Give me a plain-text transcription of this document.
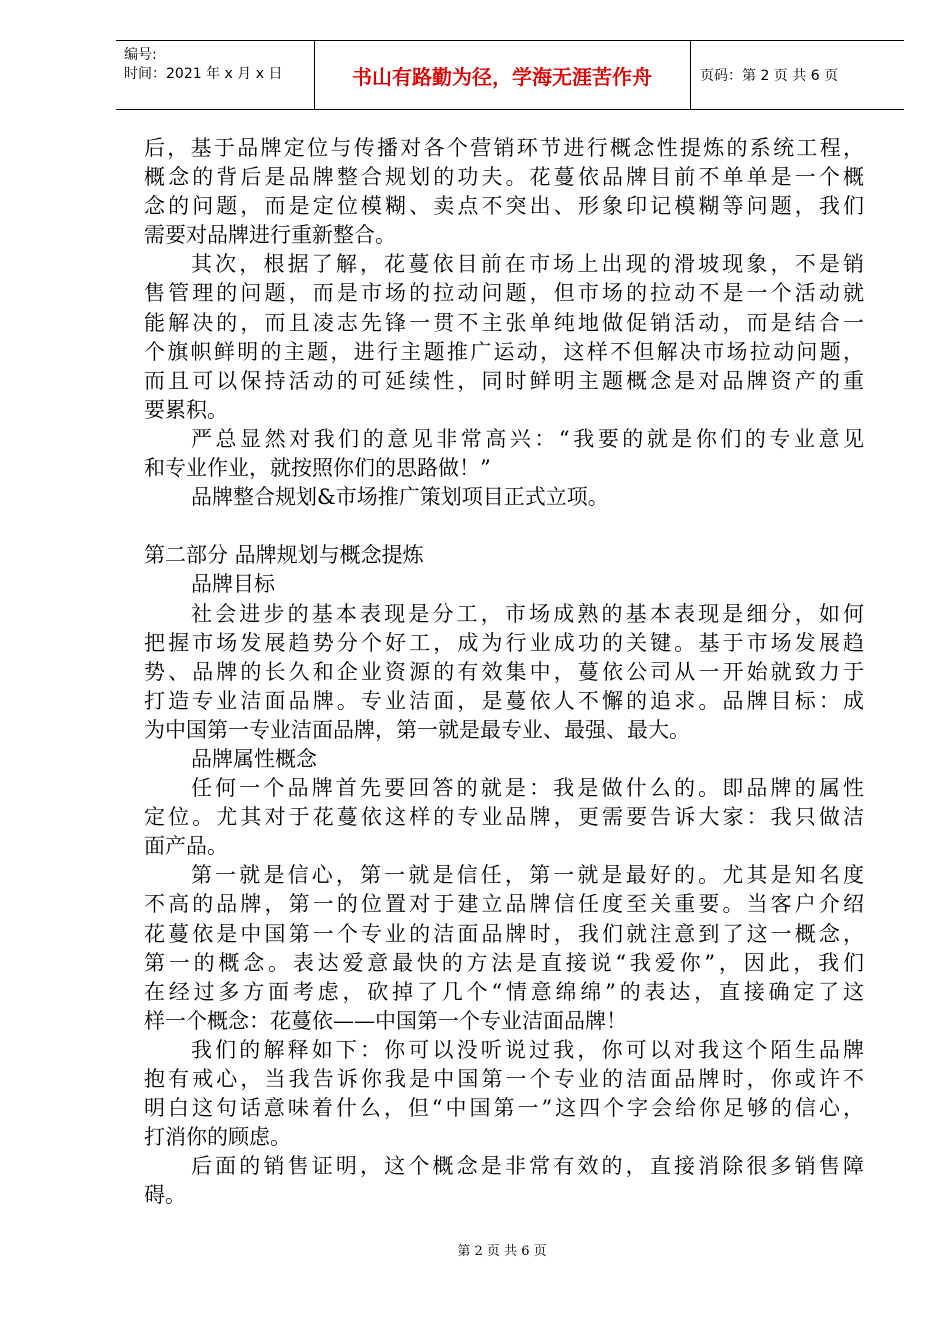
编号:
时间：2021 年 x 月 x 日	书山有路勤为径，学海无涯苦作舟	页码：第 2 页 共 6 页
后，基于品牌定位与传播对各个营销环节进行概念性提炼的系统工程，
概念的背后是品牌整合规划的功夫。花蔓依品牌目前不单单是一个概
念的问题，而是定位模糊、卖点不突出、形象印记模糊等问题，我们
需要对品牌进行重新整合。
其次，根据了解，花蔓依目前在市场上出现的滑坡现象，不是销
售管理的问题，而是市场的拉动问题，但市场的拉动不是一个活动就
能解决的，而且凌志先锋一贯不主张单纯地做促销活动，而是结合一
个旗帜鲜明的主题，进行主题推广运动，这样不但解决市场拉动问题，
而且可以保持活动的可延续性，同时鲜明主题概念是对品牌资产的重
要累积。
严总显然对我们的意见非常高兴：“我要的就是你们的专业意见
和专业作业，就按照你们的思路做！”
品牌整合规划&市场推广策划项目正式立项。
第二部分 品牌规划与概念提炼
品牌目标
社会进步的基本表现是分工，市场成熟的基本表现是细分，如何
把握市场发展趋势分个好工，成为行业成功的关键。基于市场发展趋
势、品牌的长久和企业资源的有效集中，蔓依公司从一开始就致力于
打造专业洁面品牌。专业洁面，是蔓依人不懈的追求。品牌目标：成
为中国第一专业洁面品牌，第一就是最专业、最强、最大。
品牌属性概念
任何一个品牌首先要回答的就是：我是做什么的。即品牌的属性
定位。尤其对于花蔓依这样的专业品牌，更需要告诉大家：我只做洁
面产品。
第一就是信心，第一就是信任，第一就是最好的。尤其是知名度
不高的品牌，第一的位置对于建立品牌信任度至关重要。当客户介绍
花蔓依是中国第一个专业的洁面品牌时，我们就注意到了这一概念，
第一的概念。表达爱意最快的方法是直接说“我爱你”，因此，我们
在经过多方面考虑，砍掉了几个“情意绵绵”的表达，直接确定了这
样一个概念：花蔓依——中国第一个专业洁面品牌！
我们的解释如下：你可以没听说过我，你可以对我这个陌生品牌
抱有戒心，当我告诉你我是中国第一个专业的洁面品牌时，你或许不
明白这句话意味着什么，但“中国第一”这四个字会给你足够的信心，
打消你的顾虑。
后面的销售证明，这个概念是非常有效的，直接消除很多销售障
碍。
第 2 页 共 6 页
